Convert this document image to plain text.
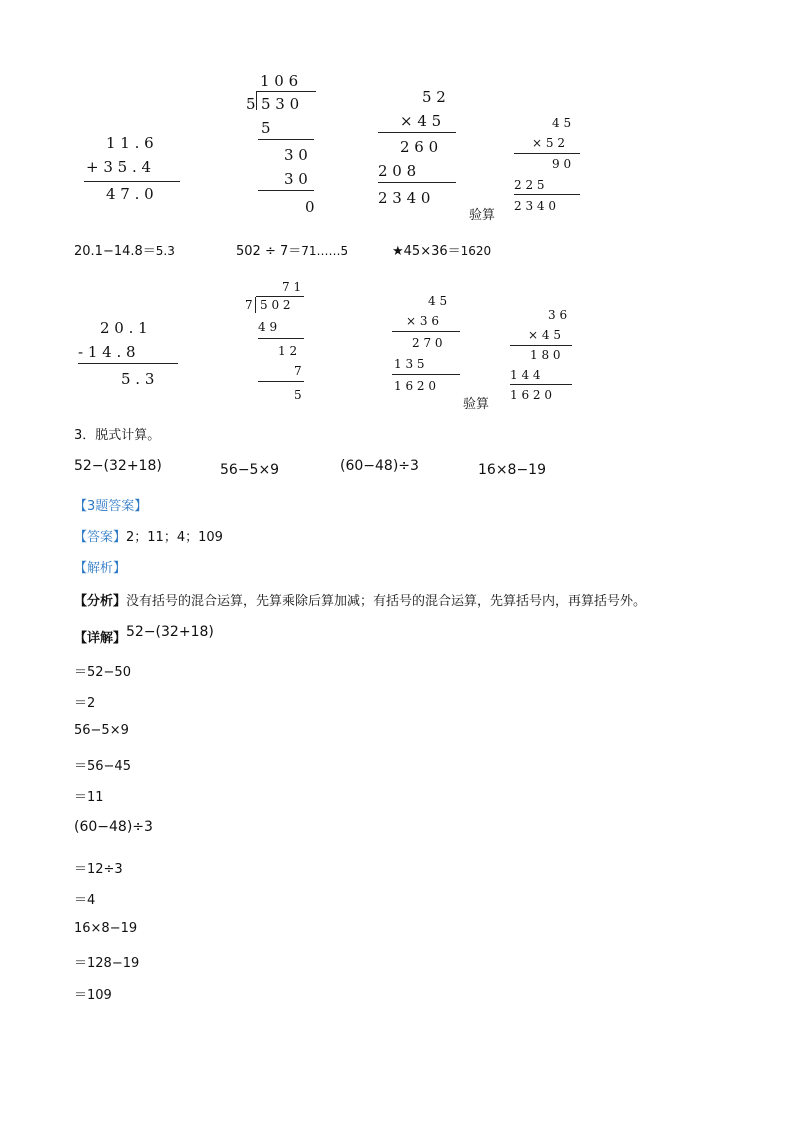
1 1 . 6
+ 3 5 . 4
4 7 . 0
1 0 6
5 5 3 0
5
3 0
3 0
0
5 2
× 4 5
2 6 0
2 0 8
2 3 4 0
验算
4 5
× 5 2
9 0
2 2 5
2 3 4 0
20.1−14.8＝5.3	502 ÷ 7＝71……5	★45×36＝1620
2 0 . 1
- 1 4 . 8
5 . 3
7 1
7 5 0 2
4 9
1 2
7
5
4 5
× 3 6
2 7 0
1 3 5
1 6 2 0
验算
3 6
× 4 5
1 8 0
1 4 4
1 6 2 0
3．脱式计算。
52−(32+18)	56−5×9	(60−48)÷3	16×8−19
【3题答案】
【答案】2；11；4；109
【解析】
【分析】没有括号的混合运算，先算乘除后算加减；有括号的混合运算，先算括号内，再算括号外。
【详解】52−(32+18)
＝52−50
＝2
56−5×9
＝56−45
＝11
(60−48)÷3
＝12÷3
＝4
16×8−19
＝128−19
＝109
